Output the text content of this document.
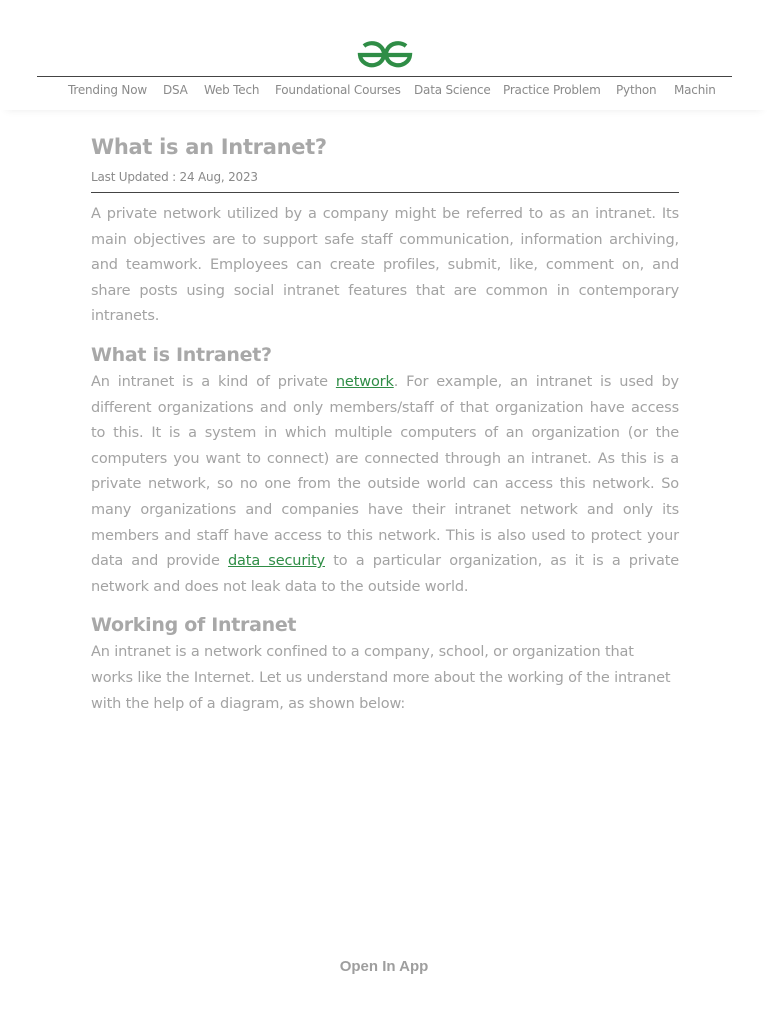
Trending Now DSA Web Tech Foundational Courses Data Science Practice Problem Python Machin
What is an Intranet?
Last Updated : 24 Aug, 2023

A private network utilized by a company might be referred to as an intranet. Its main objectives are to support safe staff communication, information archiving, and teamwork. Employees can create profiles, submit, like, comment on, and share posts using social intranet features that are common in contemporary intranets.

What is Intranet?

An intranet is a kind of private network. For example, an intranet is used by different organizations and only members/staff of that organization have access to this. It is a system in which multiple computers of an organization (or the computers you want to connect) are connected through an intranet. As this is a private network, so no one from the outside world can access this network. So many organizations and companies have their intranet network and only its members and staff have access to this network. This is also used to protect your data and provide data security to a particular organization, as it is a private network and does not leak data to the outside world.

Working of Intranet

An intranet is a network confined to a company, school, or organization that works like the Internet. Let us understand more about the working of the intranet with the help of a diagram, as shown below:

Open In App
